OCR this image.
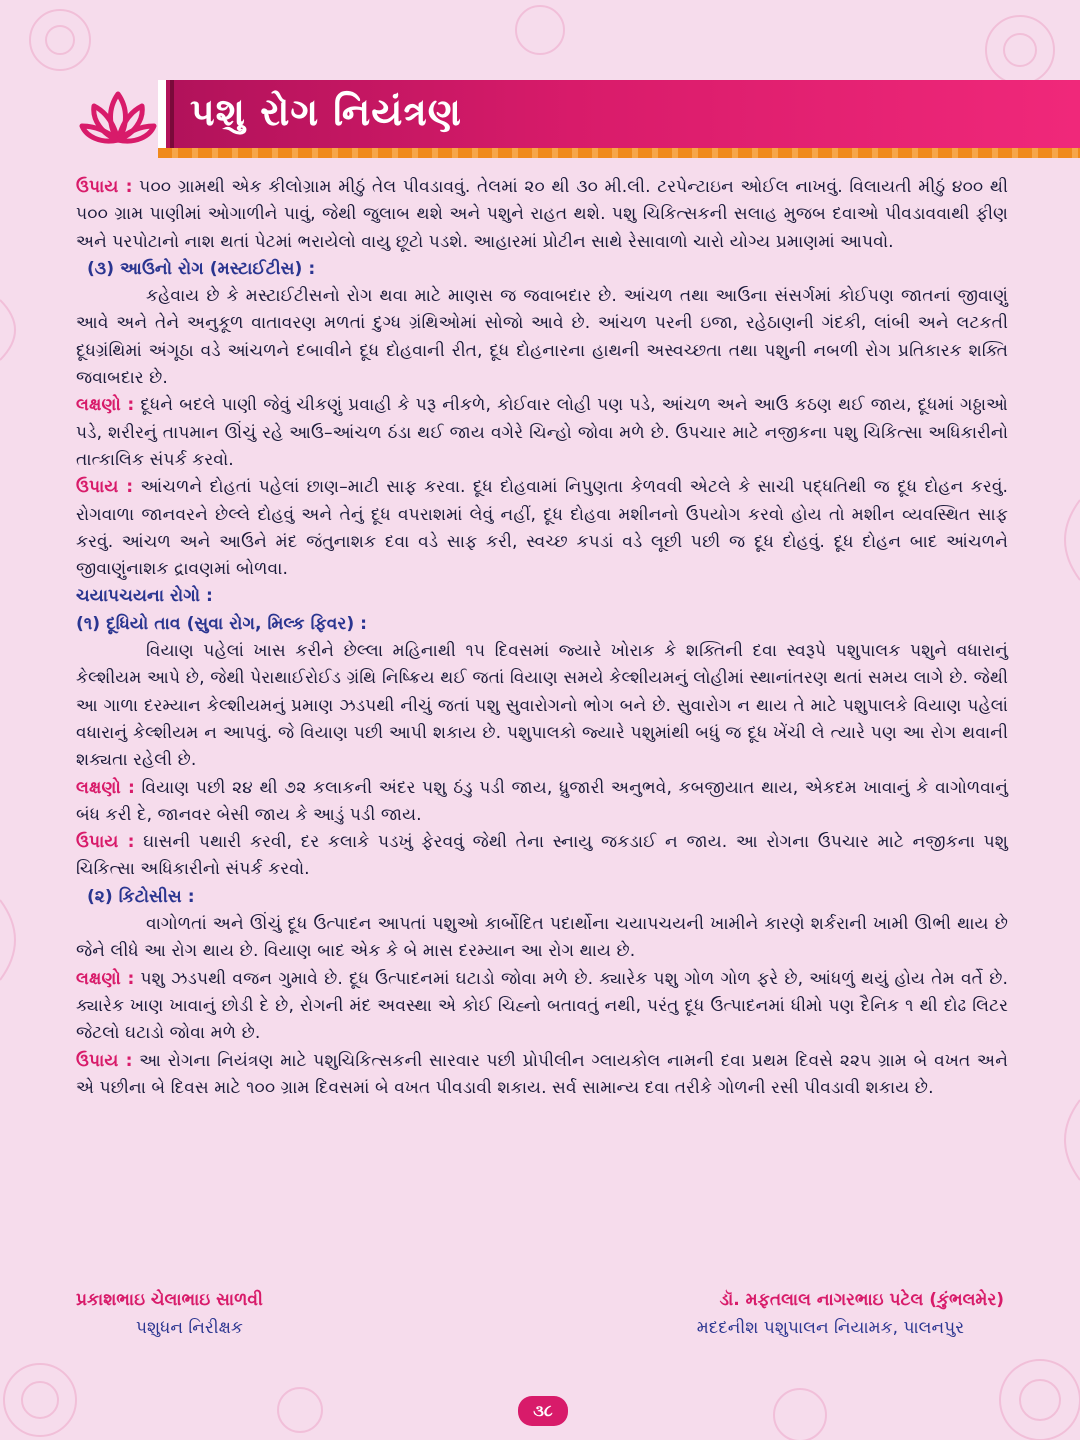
પશુ રોગ નિયંત્રણ

ઉપાય : ૫૦૦ ગ્રામથી એક કીલોગ્રામ મીઠું તેલ પીવડાવવું. તેલમાં ૨૦ થી ૩૦ મી.લી. ટરપેન્ટાઇન ઓઈલ નાખવું. વિલાયતી મીઠું ૪૦૦ થી ૫૦૦ ગ્રામ પાણીમાં ઓગાળીને પાવું, જેથી જુલાબ થશે અને પશુને રાહત થશે. પશુ ચિકિત્સકની સલાહ મુજબ દવાઓ પીવડાવવાથી ફીણ અને પરપોટાનો નાશ થતાં પેટમાં ભરાયેલો વાયુ છૂટો પડશે. આહારમાં પ્રોટીન સાથે રેસાવાળો ચારો યોગ્ય પ્રમાણમાં આપવો.

(૩) આઉનો રોગ (મસ્ટાઈટીસ) :

કહેવાય છે કે મસ્ટાઈટીસનો રોગ થવા માટે માણસ જ જવાબદાર છે. આંચળ તથા આઉના સંસર્ગમાં કોઈપણ જાતનાં જીવાણું આવે અને તેને અનુકૂળ વાતાવરણ મળતાં દુગ્ધ ગ્રંથિઓમાં સોજો આવે છે. આંચળ પરની ઇજા, રહેઠાણની ગંદકી, લાંબી અને લટકતી દૂધગ્રંથિમાં અંગૂઠા વડે આંચળને દબાવીને દૂધ દોહવાની રીત, દૂધ દોહનારના હાથની અસ્વચ્છતા તથા પશુની નબળી રોગ પ્રતિકારક શક્તિ જવાબદાર છે.

લક્ષણો : દૂધને બદલે પાણી જેવું ચીકણું પ્રવાહી કે પરૂ નીકળે, કોઈવાર લોહી પણ પડે, આંચળ અને આઉ કઠણ થઈ જાય, દૂધમાં ગઠ્ઠાઓ પડે, શરીરનું તાપમાન ઊંચું રહે આઉ–આંચળ ઠંડા થઈ જાય વગેરે ચિન્હો જોવા મળે છે. ઉપચાર માટે નજીકના પશુ ચિકિત્સા અધિકારીનો તાત્કાલિક સંપર્ક કરવો.

ઉપાય : આંચળને દોહતાં પહેલાં છાણ–માટી સાફ કરવા. દૂધ દોહવામાં નિપુણતા કેળવવી એટલે કે સાચી પદ્ધતિથી જ દૂધ દોહન કરવું. રોગવાળા જાનવરને છેલ્લે દોહવું અને તેનું દૂધ વપરાશમાં લેવું નહીં, દૂધ દોહવા મશીનનો ઉપયોગ કરવો હોય તો મશીન વ્યવસ્થિત સાફ કરવું. આંચળ અને આઉને મંદ જંતુનાશક દવા વડે સાફ કરી, સ્વચ્છ કપડાં વડે લૂછી પછી જ દૂધ દોહવું. દૂધ દોહન બાદ આંચળને જીવાણુંનાશક દ્રાવણમાં બોળવા.

ચયાપચયના રોગો :

(૧) દૂધિયો તાવ (સુવા રોગ, મિલ્ક ફિવર) :

વિયાણ પહેલાં ખાસ કરીને છેલ્લા મહિનાથી ૧૫ દિવસમાં જ્યારે ખોરાક કે શક્તિની દવા સ્વરૂપે પશુપાલક પશુને વધારાનું કેલ્શીયમ આપે છે, જેથી પેરાથાઈરોઈડ ગ્રંથિ નિષ્ક્રિય થઈ જતાં વિયાણ સમયે કેલ્શીયમનું લોહીમાં સ્થાનાંતરણ થતાં સમય લાગે છે. જેથી આ ગાળા દરમ્યાન કેલ્શીયમનું પ્રમાણ ઝડપથી નીચું જતાં પશુ સુવારોગનો ભોગ બને છે. સુવારોગ ન થાય તે માટે પશુપાલકે વિયાણ પહેલાં વધારાનું કેલ્શીયમ ન આપવું. જે વિયાણ પછી આપી શકાય છે. પશુપાલકો જ્યારે પશુમાંથી બધું જ દૂધ ખેંચી લે ત્યારે પણ આ રોગ થવાની શક્યતા રહેલી છે.

લક્ષણો : વિયાણ પછી ૨૪ થી ૭૨ કલાકની અંદર પશુ ઠંડુ પડી જાય, ધ્રુજારી અનુભવે, કબજીયાત થાય, એકદમ ખાવાનું કે વાગોળવાનું બંધ કરી દે, જાનવર બેસી જાય કે આડું પડી જાય.

ઉપાય : ઘાસની પથારી કરવી, દર કલાકે પડખું ફેરવવું જેથી તેના સ્નાયુ જકડાઈ ન જાય. આ રોગના ઉપચાર માટે નજીકના પશુ ચિકિત્સા અધિકારીનો સંપર્ક કરવો.

(૨) કિટોસીસ :

વાગોળતાં અને ઊંચું દૂધ ઉત્પાદન આપતાં પશુઓ કાર્બોદિત પદાર્થોના ચયાપચયની ખામીને કારણે શર્કરાની ખામી ઊભી થાય છે જેને લીધે આ રોગ થાય છે. વિયાણ બાદ એક કે બે માસ દરમ્યાન આ રોગ થાય છે.

લક્ષણો : પશુ ઝડપથી વજન ગુમાવે છે. દૂધ ઉત્પાદનમાં ઘટાડો જોવા મળે છે. ક્યારેક પશુ ગોળ ગોળ ફરે છે, આંધળું થયું હોય તેમ વર્તે છે. ક્યારેક ખાણ ખાવાનું છોડી દે છે, રોગની મંદ અવસ્થા એ કોઈ ચિહ્નો બતાવતું નથી, પરંતુ દૂધ ઉત્પાદનમાં ધીમો પણ દૈનિક ૧ થી દોઢ લિટર જેટલો ઘટાડો જોવા મળે છે.

ઉપાય : આ રોગના નિયંત્રણ માટે પશુચિકિત્સકની સારવાર પછી પ્રોપીલીન ગ્લાયકોલ નામની દવા પ્રથમ દિવસે ૨૨૫ ગ્રામ બે વખત અને એ પછીના બે દિવસ માટે ૧૦૦ ગ્રામ દિવસમાં બે વખત પીવડાવી શકાય. સર્વ સામાન્ય દવા તરીકે ગોળની રસી પીવડાવી શકાય છે.

પ્રકાશભાઇ ચેલાભાઇ સાળવી
પશુધન નિરીક્ષક
ડૉ. મફતલાલ નાગરભાઇ પટેલ (કુંભલમેર)
મદદનીશ પશુપાલન નિયામક, પાલનપુર
૩૮
